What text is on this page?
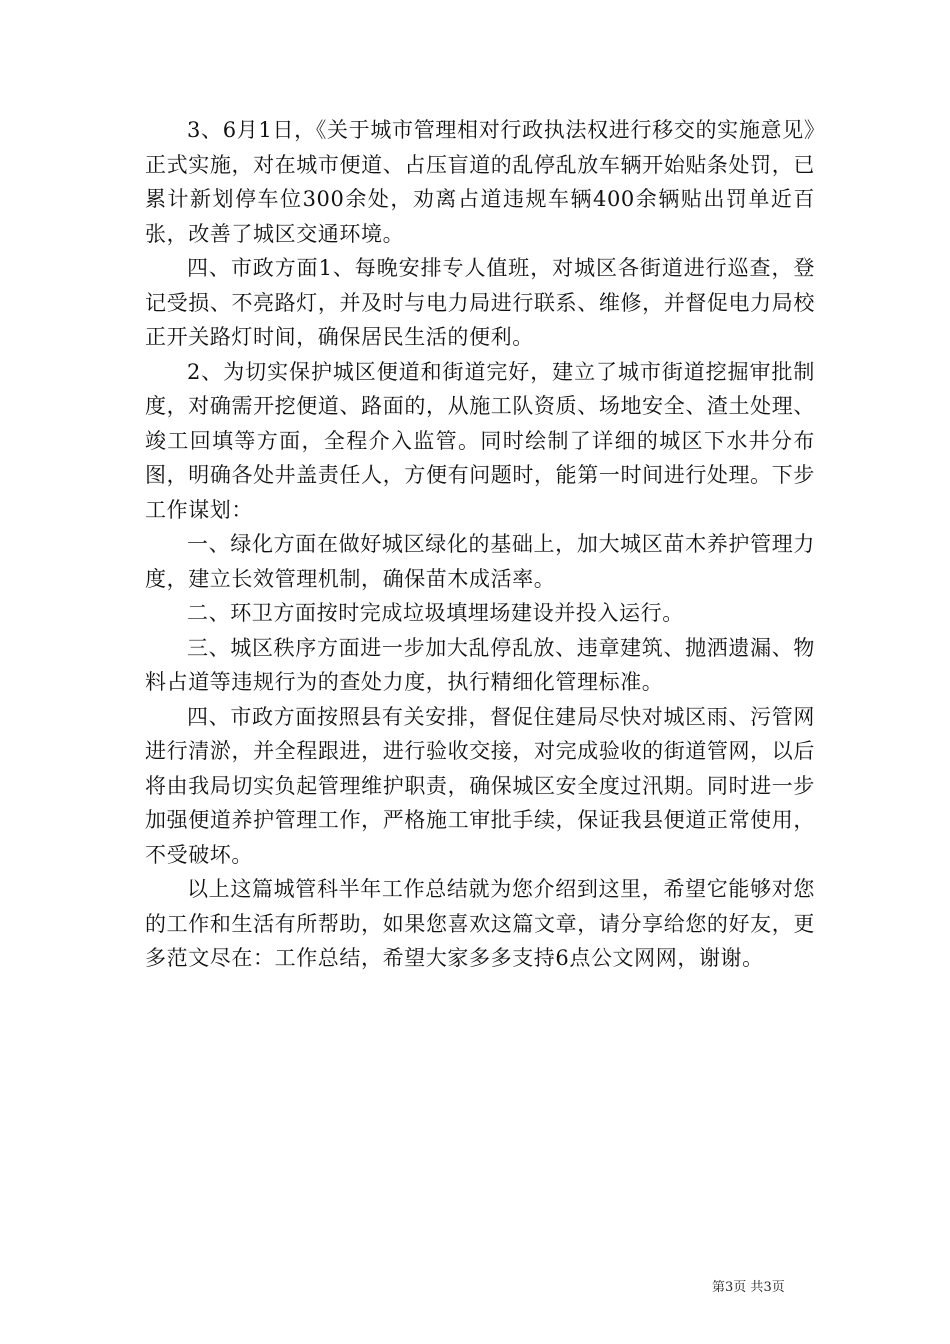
3、6月1日，《关于城市管理相对行政执法权进行移交的实施意见》正式实施，对在城市便道、占压盲道的乱停乱放车辆开始贴条处罚，已累计新划停车位300余处，劝离占道违规车辆400余辆贴出罚单近百张，改善了城区交通环境。

四、市政方面1、每晚安排专人值班，对城区各街道进行巡查，登记受损、不亮路灯，并及时与电力局进行联系、维修，并督促电力局校正开关路灯时间，确保居民生活的便利。

2、为切实保护城区便道和街道完好，建立了城市街道挖掘审批制度，对确需开挖便道、路面的，从施工队资质、场地安全、渣土处理、竣工回填等方面，全程介入监管。同时绘制了详细的城区下水井分布图，明确各处井盖责任人，方便有问题时，能第一时间进行处理。下步工作谋划：

一、绿化方面在做好城区绿化的基础上，加大城区苗木养护管理力度，建立长效管理机制，确保苗木成活率。

二、环卫方面按时完成垃圾填埋场建设并投入运行。

三、城区秩序方面进一步加大乱停乱放、违章建筑、抛洒遗漏、物料占道等违规行为的查处力度，执行精细化管理标准。

四、市政方面按照县有关安排，督促住建局尽快对城区雨、污管网进行清淤，并全程跟进，进行验收交接，对完成验收的街道管网，以后将由我局切实负起管理维护职责，确保城区安全度过汛期。同时进一步加强便道养护管理工作，严格施工审批手续，保证我县便道正常使用，不受破坏。

以上这篇城管科半年工作总结就为您介绍到这里，希望它能够对您的工作和生活有所帮助，如果您喜欢这篇文章，请分享给您的好友，更多范文尽在：工作总结，希望大家多多支持6点公文网网，谢谢。

第3页 共3页
